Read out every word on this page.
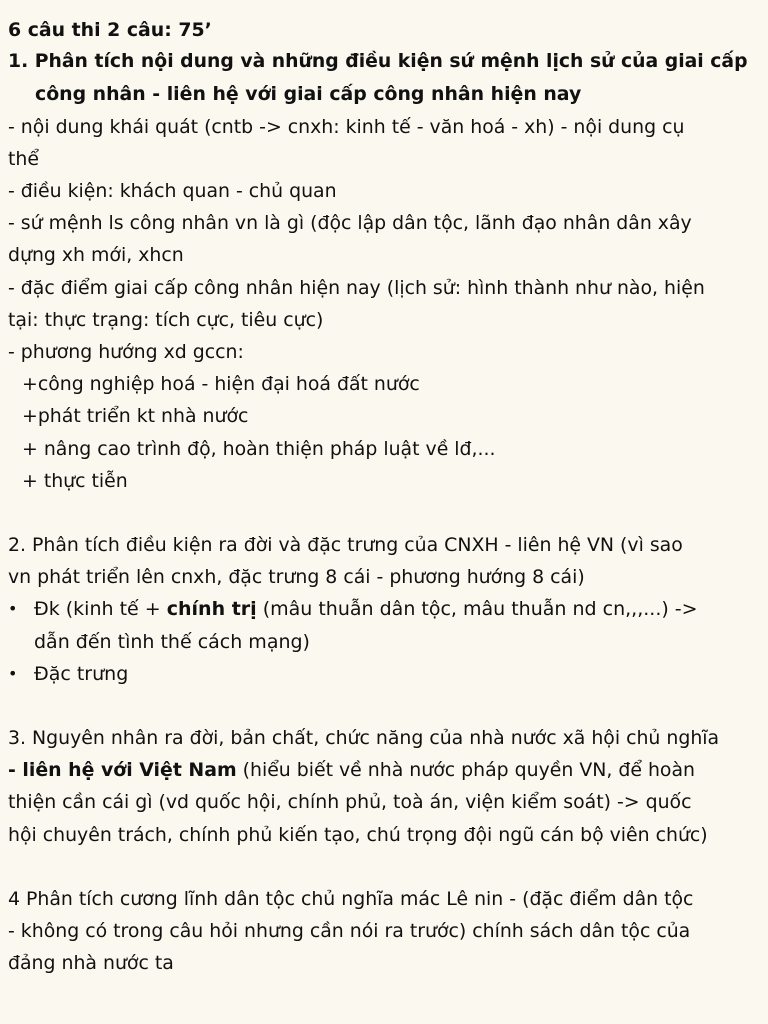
6 câu thi 2 câu: 75’
1. Phân tích nội dung và những điều kiện sứ mệnh lịch sử của giai cấp
công nhân - liên hệ với giai cấp công nhân hiện nay
- nội dung khái quát (cntb -> cnxh: kinh tế - văn hoá - xh) - nội dung cụ
thể
- điều kiện: khách quan - chủ quan
- sứ mệnh ls công nhân vn là gì (độc lập dân tộc, lãnh đạo nhân dân xây
dựng xh mới, xhcn
- đặc điểm giai cấp công nhân hiện nay (lịch sử: hình thành như nào, hiện
tại: thực trạng: tích cực, tiêu cực)
- phương hướng xd gccn:
+công nghiệp hoá - hiện đại hoá đất nước
+phát triển kt nhà nước
+ nâng cao trình độ, hoàn thiện pháp luật về lđ,...
+ thực tiễn
2. Phân tích điều kiện ra đời và đặc trưng của CNXH - liên hệ VN (vì sao
vn phát triển lên cnxh, đặc trưng 8 cái - phương hướng 8 cái)
• Đk (kinh tế + chính trị (mâu thuẫn dân tộc, mâu thuẫn nd cn,,,...) ->
dẫn đến tình thế cách mạng)
• Đặc trưng
3. Nguyên nhân ra đời, bản chất, chức năng của nhà nước xã hội chủ nghĩa
- liên hệ với Việt Nam (hiểu biết về nhà nước pháp quyền VN, để hoàn
thiện cần cái gì (vd quốc hội, chính phủ, toà án, viện kiểm soát) -> quốc
hội chuyên trách, chính phủ kiến tạo, chú trọng đội ngũ cán bộ viên chức)
4 Phân tích cương lĩnh dân tộc chủ nghĩa mác Lê nin - (đặc điểm dân tộc
- không có trong câu hỏi nhưng cần nói ra trước) chính sách dân tộc của
đảng nhà nước ta
